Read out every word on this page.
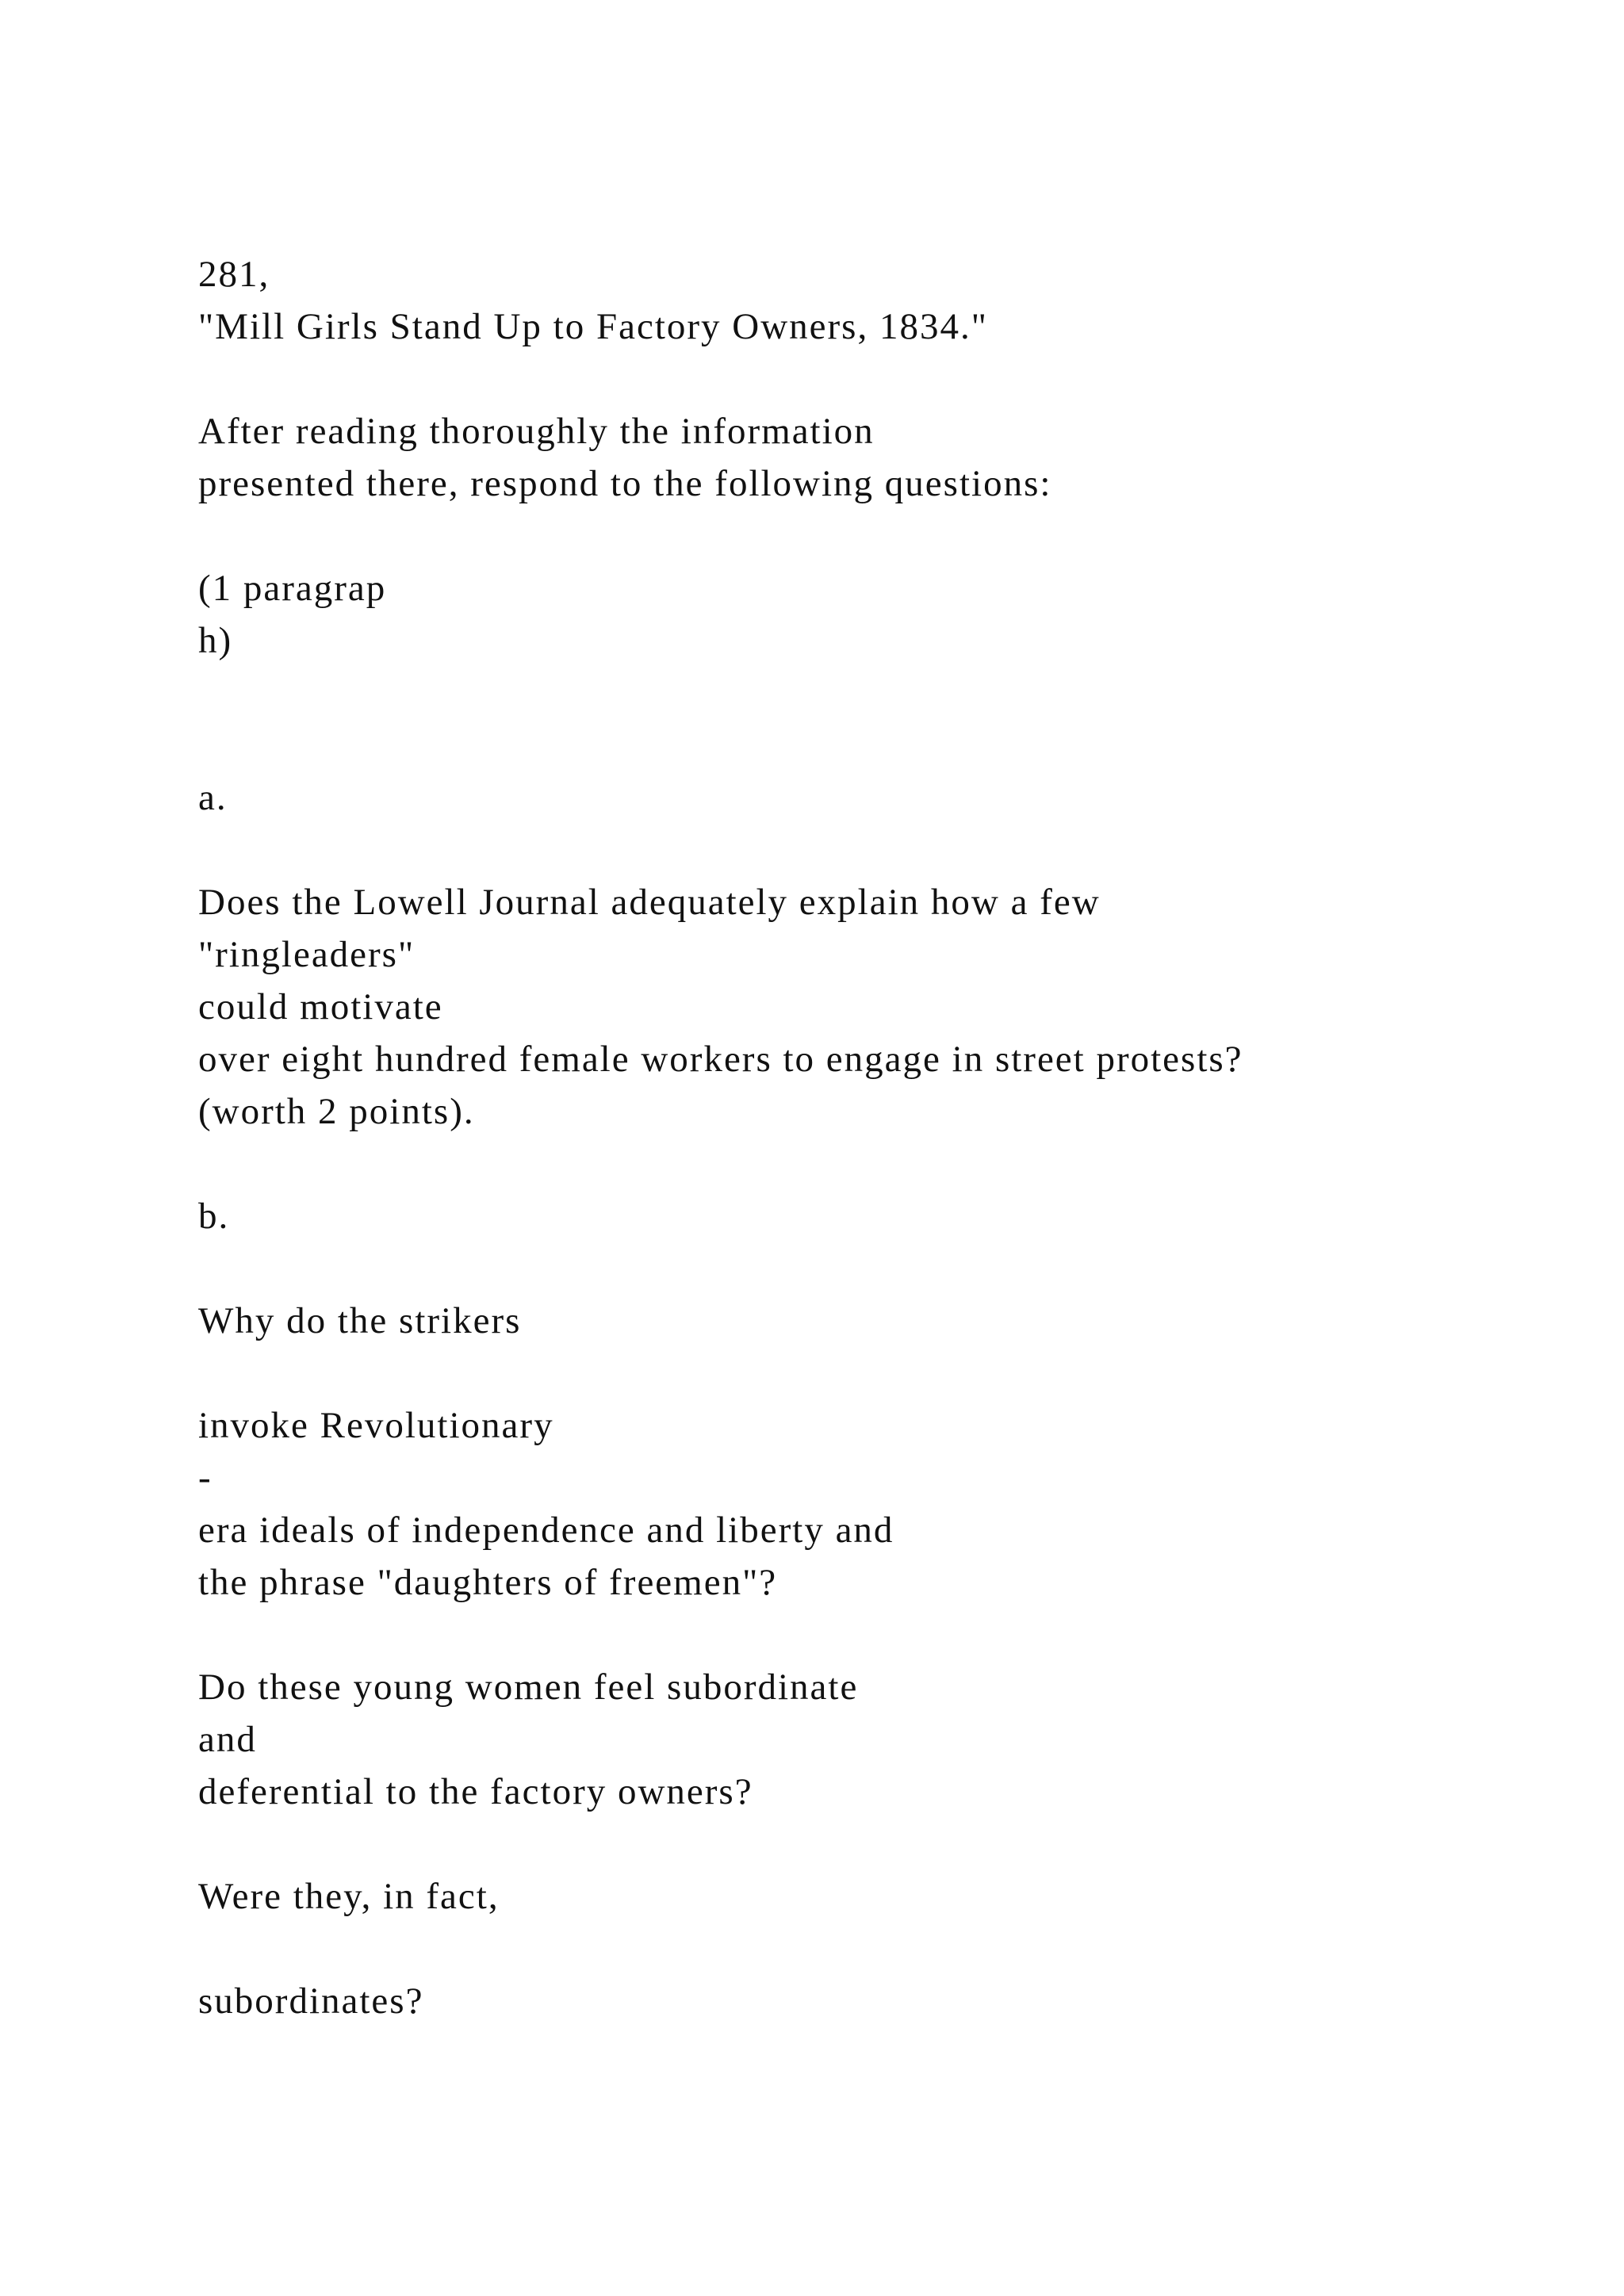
281,

"Mill Girls Stand Up to Factory Owners, 1834."

After reading thoroughly the information

presented there, respond to the following questions:

(1 paragrap

h)

a.

Does the Lowell Journal adequately explain how a few

"ringleaders"

could motivate

over eight hundred female workers to engage in street protests?

(worth 2 points).

b.

Why do the strikers

invoke Revolutionary

-

era ideals of independence and liberty and

the phrase "daughters of freemen"?

Do these young women feel subordinate

and

deferential to the factory owners?

Were they, in fact,

subordinates?
